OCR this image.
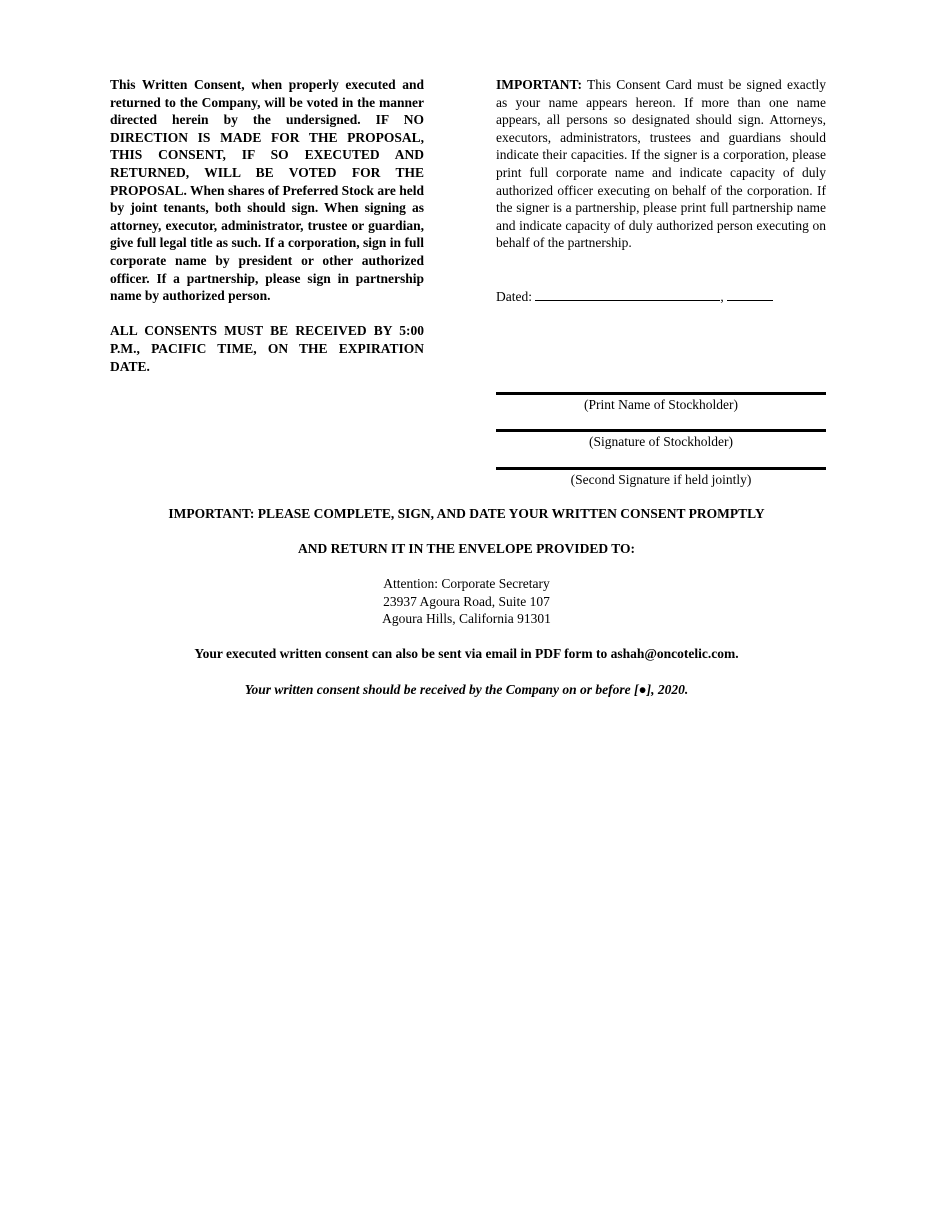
This Written Consent, when properly executed and returned to the Company, will be voted in the manner directed herein by the undersigned. IF NO DIRECTION IS MADE FOR THE PROPOSAL, THIS CONSENT, IF SO EXECUTED AND RETURNED, WILL BE VOTED FOR THE PROPOSAL. When shares of Preferred Stock are held by joint tenants, both should sign. When signing as attorney, executor, administrator, trustee or guardian, give full legal title as such. If a corporation, sign in full corporate name by president or other authorized officer. If a partnership, please sign in partnership name by authorized person.

ALL CONSENTS MUST BE RECEIVED BY 5:00 P.M., PACIFIC TIME, ON THE EXPIRATION DATE.

IMPORTANT: This Consent Card must be signed exactly as your name appears hereon. If more than one name appears, all persons so designated should sign. Attorneys, executors, administrators, trustees and guardians should indicate their capacities. If the signer is a corporation, please print full corporate name and indicate capacity of duly authorized officer executing on behalf of the corporation. If the signer is a partnership, please print full partnership name and indicate capacity of duly authorized person executing on behalf of the partnership.

Dated:	,
(Print Name of Stockholder)
(Signature of Stockholder)
(Second Signature if held jointly)
IMPORTANT: PLEASE COMPLETE, SIGN, AND DATE YOUR WRITTEN CONSENT PROMPTLY
AND RETURN IT IN THE ENVELOPE PROVIDED TO:
Attention: Corporate Secretary
23937 Agoura Road, Suite 107
Agoura Hills, California 91301
Your executed written consent can also be sent via email in PDF form to ashah@oncotelic.com.
Your written consent should be received by the Company on or before [●], 2020.
